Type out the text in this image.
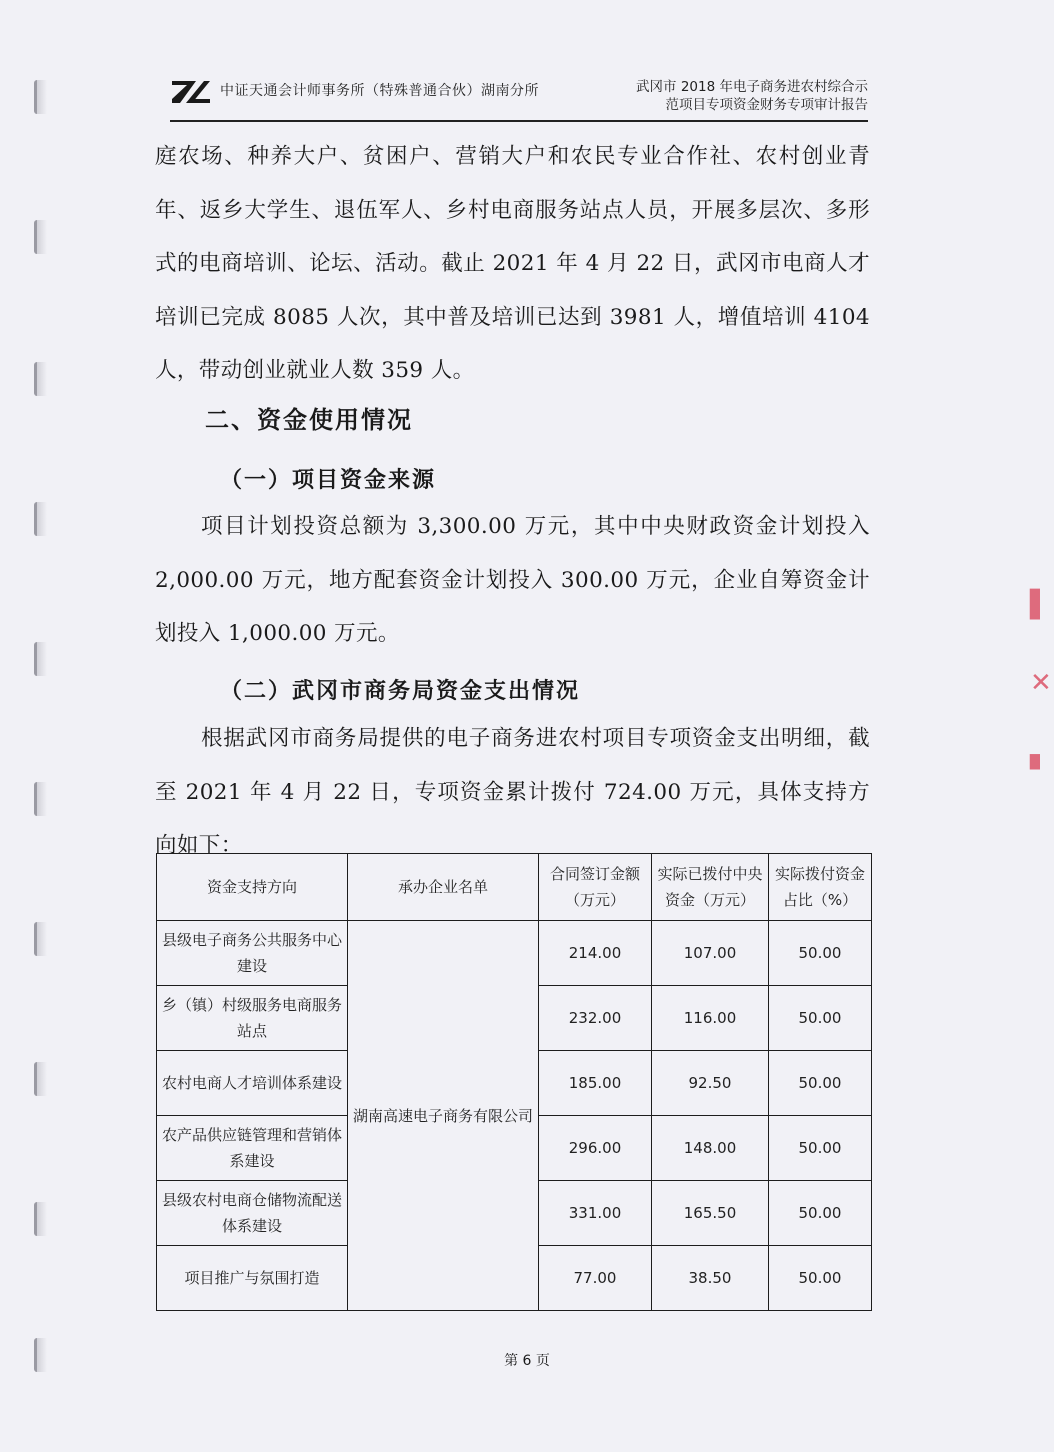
中证天通会计师事务所（特殊普通合伙）湖南分所	武冈市 2018 年电子商务进农村综合示
范项目专项资金财务专项审计报告
庭农场、种养大户、贫困户、营销大户和农民专业合作社、农村创业青年、返乡大学生、退伍军人、乡村电商服务站点人员，开展多层次、多形式的电商培训、论坛、活动。截止 2021 年 4 月 22 日，武冈市电商人才培训已完成 8085 人次，其中普及培训已达到 3981 人，增值培训 4104 人，带动创业就业人数 359 人。
二、资金使用情况
（一）项目资金来源
项目计划投资总额为 3,300.00 万元，其中中央财政资金计划投入 2,000.00 万元，地方配套资金计划投入 300.00 万元，企业自筹资金计划投入 1,000.00 万元。
（二）武冈市商务局资金支出情况
根据武冈市商务局提供的电子商务进农村项目专项资金支出明细，截至 2021 年 4 月 22 日，专项资金累计拨付 724.00 万元，具体支持方向如下：
资金支持方向	承办企业名单	合同签订金额（万元）	实际已拨付中央资金（万元）	实际拨付资金占比（%）
县级电子商务公共服务中心建设	湖南高速电子商务有限公司	214.00	107.00	50.00
乡（镇）村级服务电商服务站点		232.00	116.00	50.00
农村电商人才培训体系建设		185.00	92.50	50.00
农产品供应链管理和营销体系建设		296.00	148.00	50.00
县级农村电商仓储物流配送体系建设		331.00	165.50	50.00
项目推广与氛围打造		77.00	38.50	50.00
第 6 页
▌
✕
▖
